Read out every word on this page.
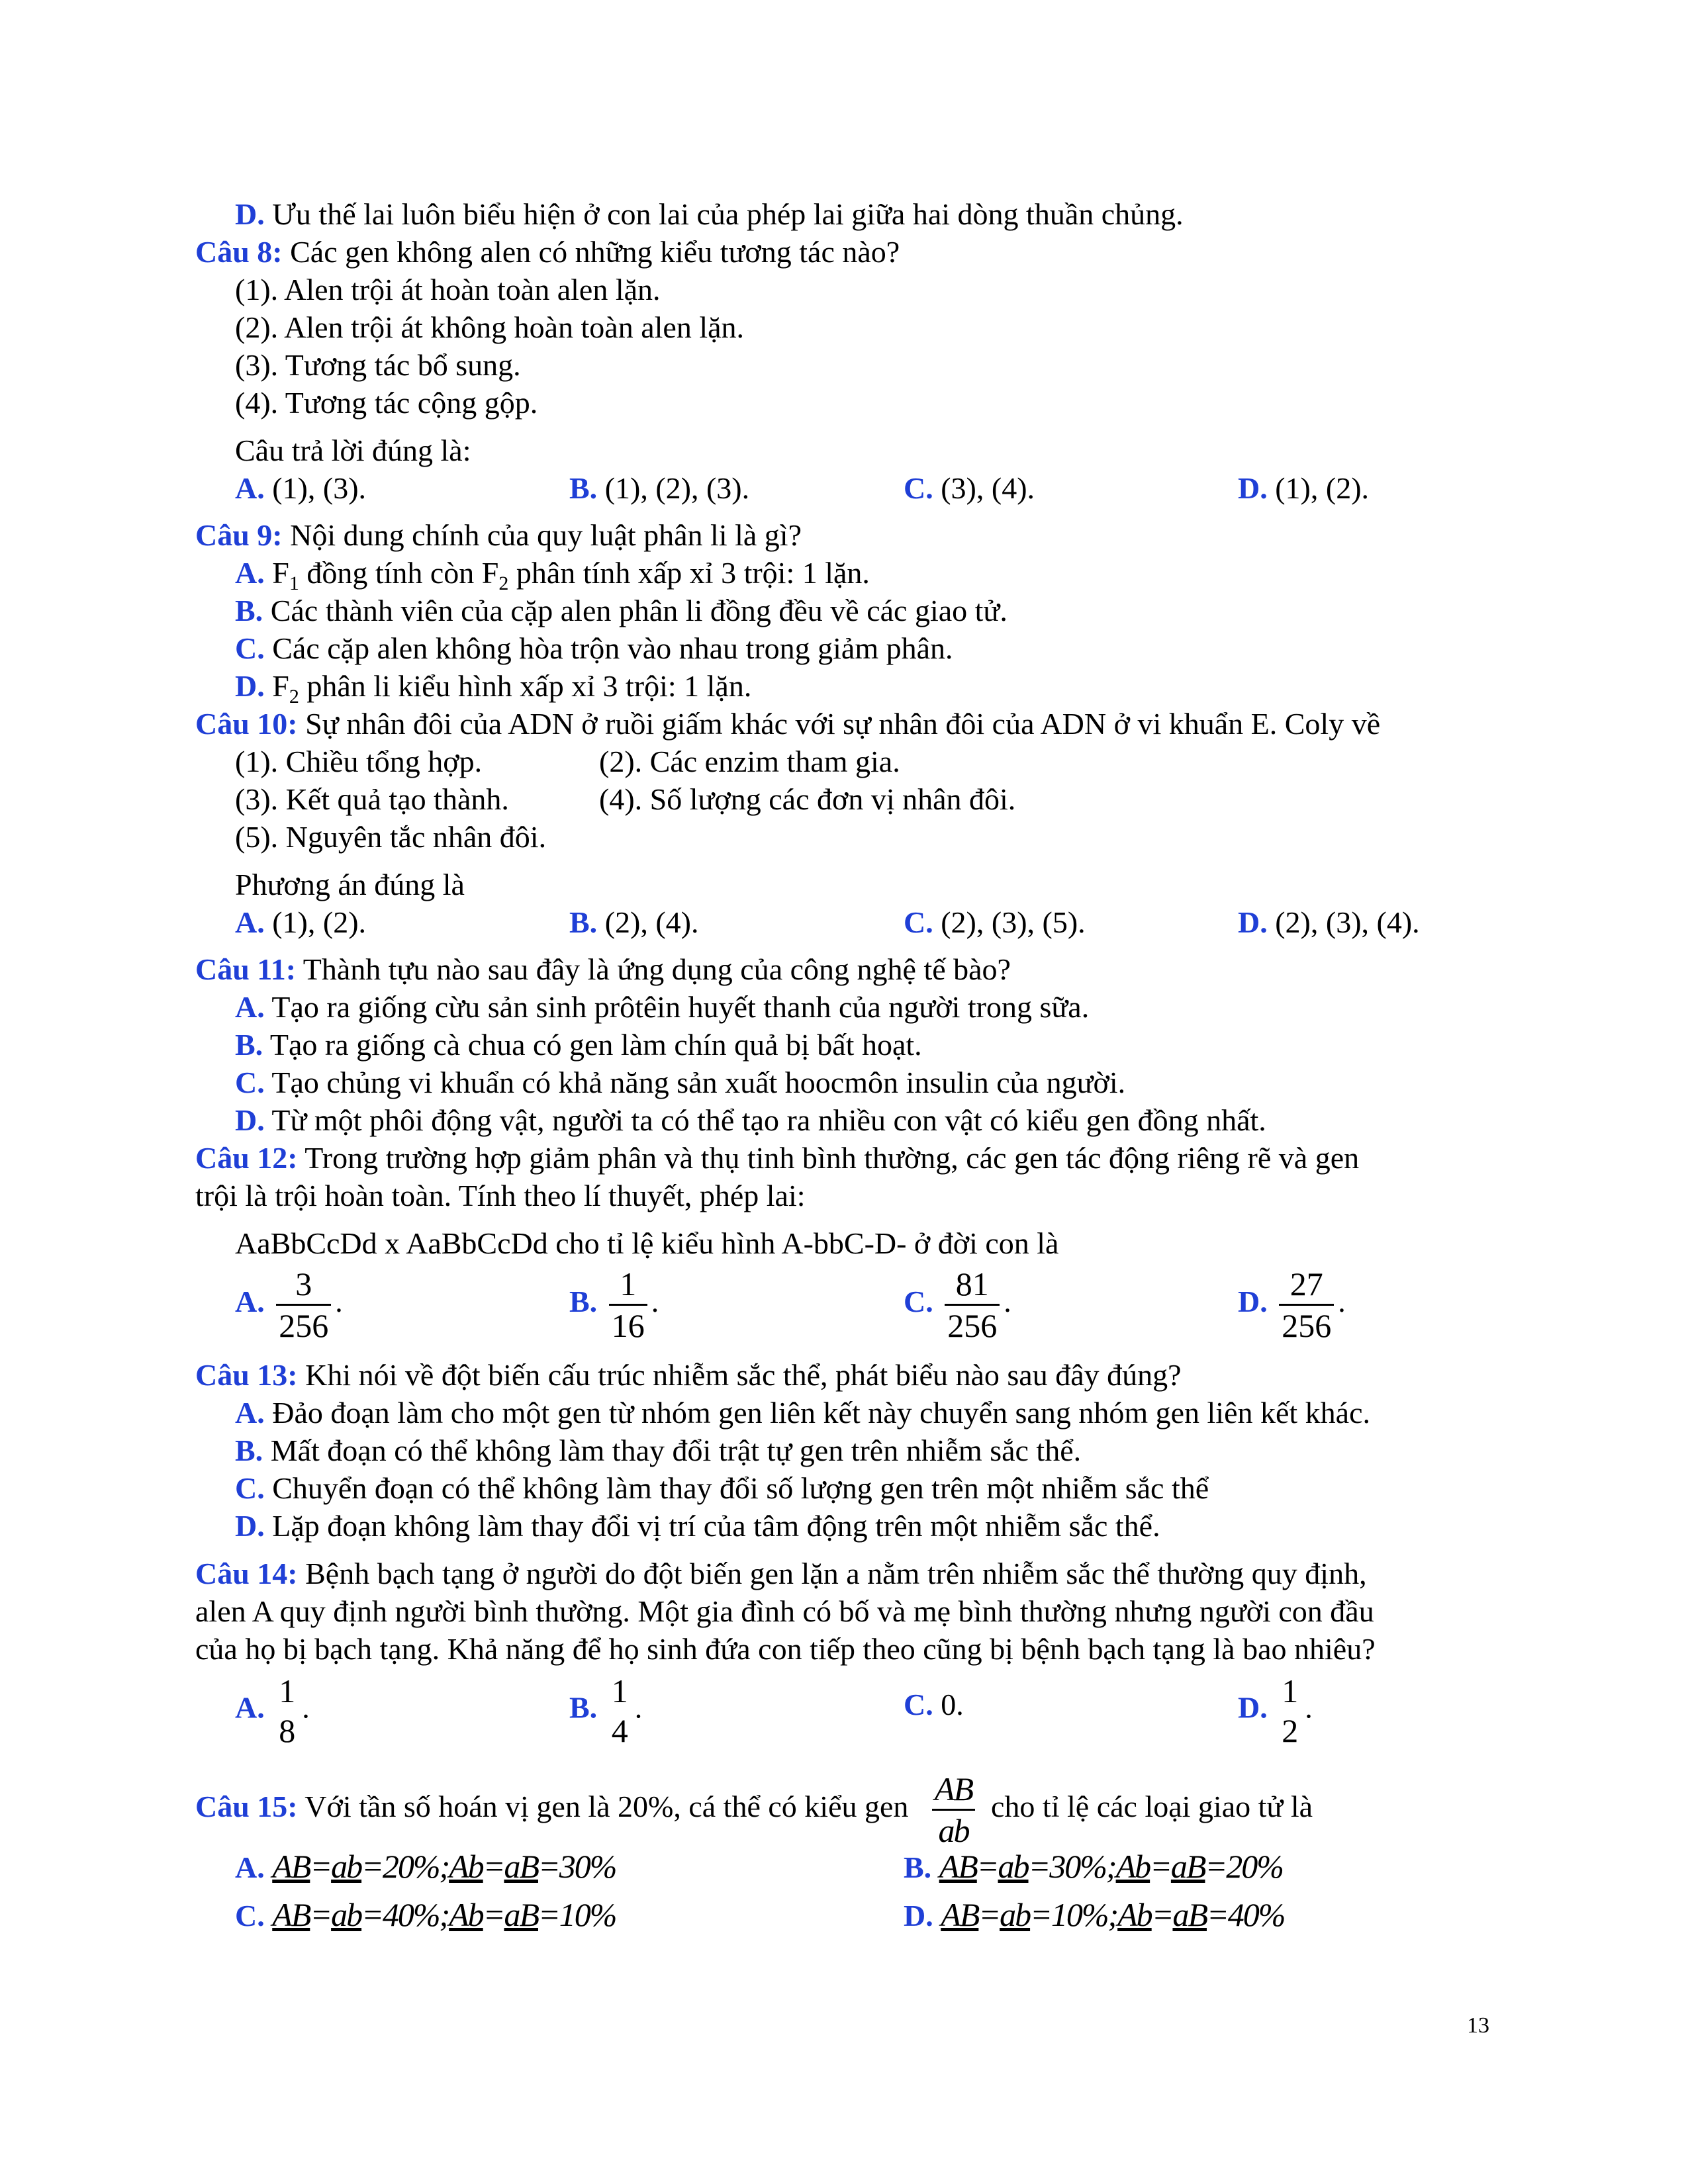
D. Ưu thế lai luôn biểu hiện ở con lai của phép lai giữa hai dòng thuần chủng.
Câu 8: Các gen không alen có những kiểu tương tác nào?
(1). Alen trội át hoàn toàn alen lặn.
(2). Alen trội át không hoàn toàn alen lặn.
(3). Tương tác bổ sung.
(4). Tương tác cộng gộp.
Câu trả lời đúng là:
A. (1), (3).	B. (1), (2), (3).	C. (3), (4).	D. (1), (2).
Câu 9: Nội dung chính của quy luật phân li là gì?
A. $F_1$ đồng tính còn $F_2$ phân tính xấp xỉ 3 trội: 1 lặn.
B. Các thành viên của cặp alen phân li đồng đều về các giao tử.
C. Các cặp alen không hòa trộn vào nhau trong giảm phân.
D. $F_2$ phân li kiểu hình xấp xỉ 3 trội: 1 lặn.
Câu 10: Sự nhân đôi của ADN ở ruồi giấm khác với sự nhân đôi của ADN ở vi khuẩn E. Coly về
(1). Chiều tổng hợp.	(2). Các enzim tham gia.
(3). Kết quả tạo thành.	(4). Số lượng các đơn vị nhân đôi.
(5). Nguyên tắc nhân đôi.
Phương án đúng là
A. (1), (2).	B. (2), (4).	C. (2), (3), (5).	D. (2), (3), (4).
Câu 11: Thành tựu nào sau đây là ứng dụng của công nghệ tế bào?
A. Tạo ra giống cừu sản sinh prôtêin huyết thanh của người trong sữa.
B. Tạo ra giống cà chua có gen làm chín quả bị bất hoạt.
C. Tạo chủng vi khuẩn có khả năng sản xuất hoocmôn insulin của người.
D. Từ một phôi động vật, người ta có thể tạo ra nhiều con vật có kiểu gen đồng nhất.
Câu 12: Trong trường hợp giảm phân và thụ tinh bình thường, các gen tác động riêng rẽ và gen
trội là trội hoàn toàn. Tính theo lí thuyết, phép lai:
AaBbCcDd x AaBbCcDd cho tỉ lệ kiểu hình A-bbC-D- ở đời con là
A. $\frac{3}{256}$ .	B. $\frac{1}{16}$ .	C. $\frac{81}{256}$ .	D. $\frac{27}{256}$ .
Câu 13: Khi nói về đột biến cấu trúc nhiễm sắc thể, phát biểu nào sau đây đúng?
A. Đảo đoạn làm cho một gen từ nhóm gen liên kết này chuyển sang nhóm gen liên kết khác.
B. Mất đoạn có thể không làm thay đổi trật tự gen trên nhiễm sắc thể.
C. Chuyển đoạn có thể không làm thay đổi số lượng gen trên một nhiễm sắc thể
D. Lặp đoạn không làm thay đổi vị trí của tâm động trên một nhiễm sắc thể.
Câu 14: Bệnh bạch tạng ở người do đột biến gen lặn a nằm trên nhiễm sắc thể thường quy định,
alen A quy định người bình thường. Một gia đình có bố và mẹ bình thường nhưng người con đầu
của họ bị bạch tạng. Khả năng để họ sinh đứa con tiếp theo cũng bị bệnh bạch tạng là bao nhiêu?
A. 1
8
.	B. 1
4
.	C. 0.	D. 1
2
.
Câu 15: Với tần số hoán vị gen là 20%, cá thể có kiểu gen $\frac{AB}{ab}$ cho tỉ lệ các loại giao tử là
A. AB=ab=20%;Ab=aB=30%	B. AB=ab=30%;Ab=aB=20%
C. AB=ab=40%;Ab=aB=10%	D. AB=ab=10%;Ab=aB=40%
13
